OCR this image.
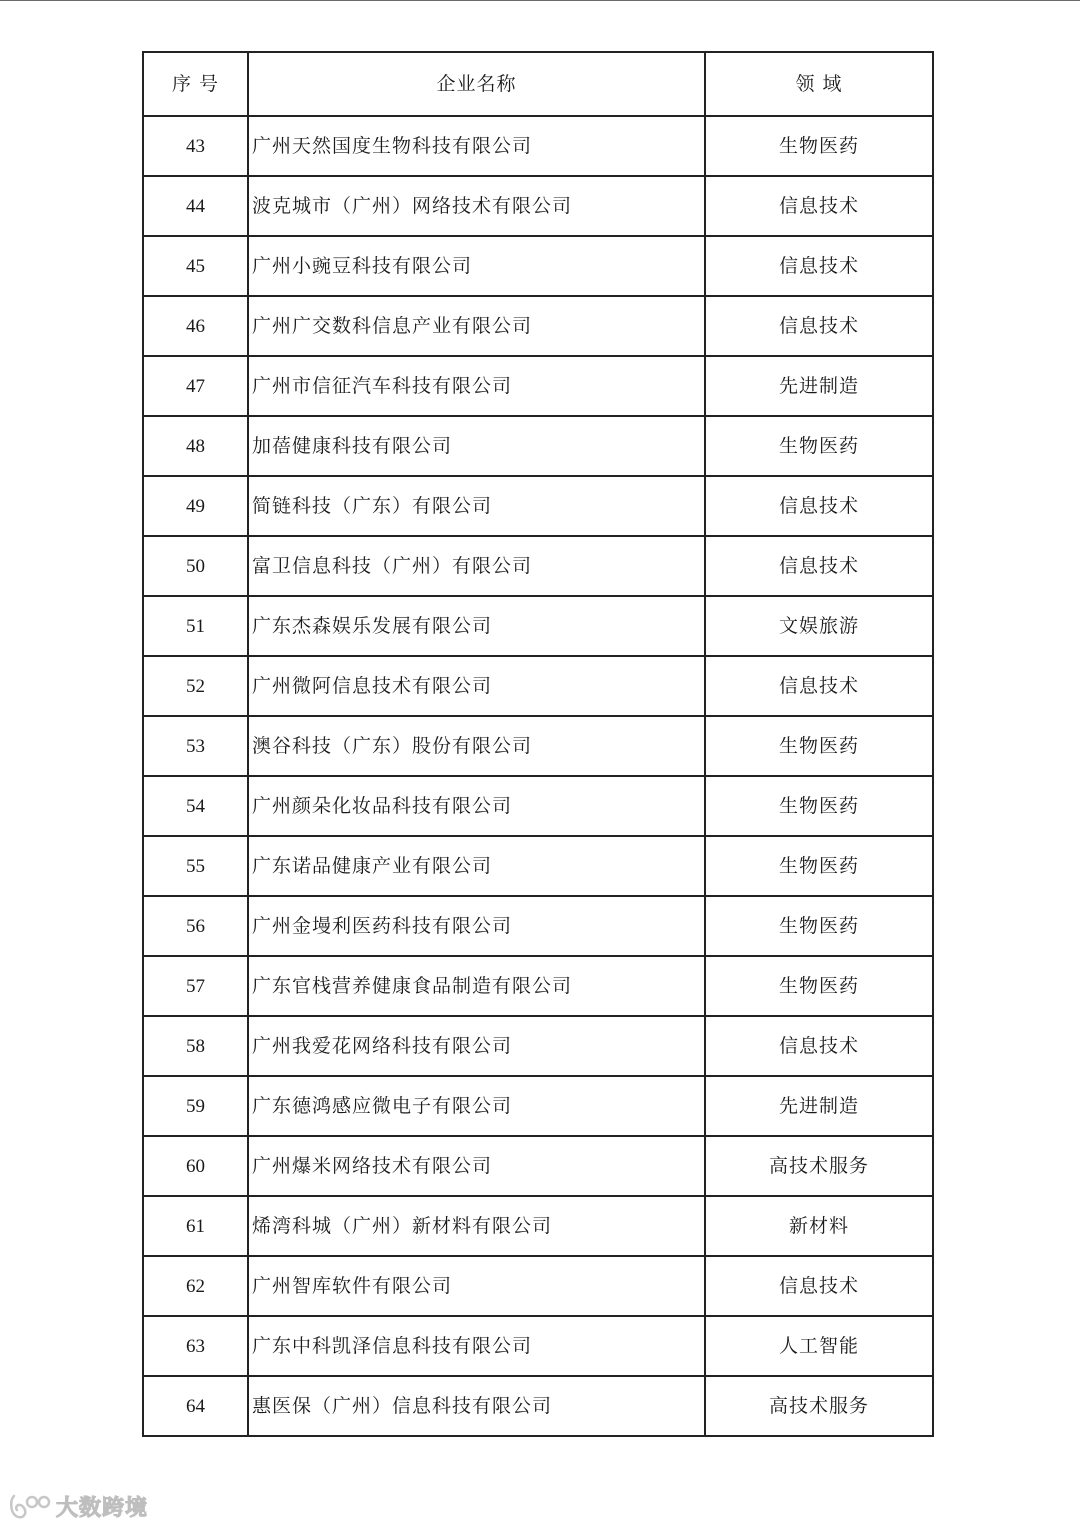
序 号	企业名称	领 域
43	广州天然国度生物科技有限公司	生物医药
44	波克城市（广州）网络技术有限公司	信息技术
45	广州小豌豆科技有限公司	信息技术
46	广州广交数科信息产业有限公司	信息技术
47	广州市信征汽车科技有限公司	先进制造
48	加蓓健康科技有限公司	生物医药
49	简链科技（广东）有限公司	信息技术
50	富卫信息科技（广州）有限公司	信息技术
51	广东杰森娱乐发展有限公司	文娱旅游
52	广州微阿信息技术有限公司	信息技术
53	澳谷科技（广东）股份有限公司	生物医药
54	广州颜朵化妆品科技有限公司	生物医药
55	广东诺品健康产业有限公司	生物医药
56	广州金墁利医药科技有限公司	生物医药
57	广东官栈营养健康食品制造有限公司	生物医药
58	广州我爱花网络科技有限公司	信息技术
59	广东德鸿感应微电子有限公司	先进制造
60	广州爆米网络技术有限公司	高技术服务
61	烯湾科城（广州）新材料有限公司	新材料
62	广州智库软件有限公司	信息技术
63	广东中科凯泽信息科技有限公司	人工智能
64	惠医保（广州）信息科技有限公司	高技术服务
大数跨境
